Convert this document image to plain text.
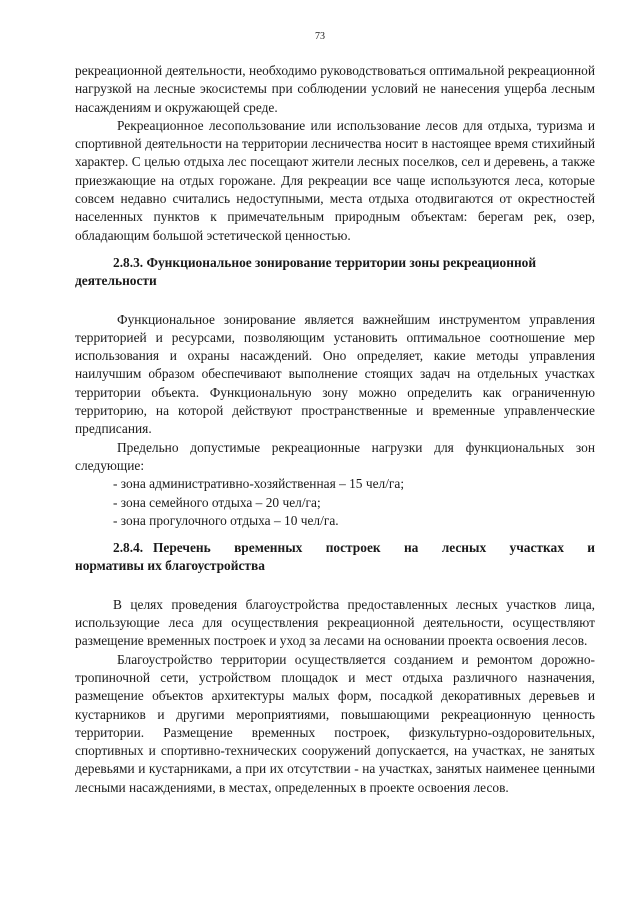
73

рекреационной деятельности, необходимо руководствоваться оптимальной рекреационной нагрузкой на лесные экосистемы при соблюдении условий не нанесения ущерба лесным насаждениям и окружающей среде.

Рекреационное лесопользование или использование лесов для отдыха, туризма и спортивной деятельности на территории лесничества носит в настоящее время стихийный характер. С целью отдыха лес посещают жители лесных поселков, сел и деревень, а также приезжающие на отдых горожане. Для рекреации все чаще используются леса, которые совсем недавно считались недоступными, места отдыха отодвигаются от окрестностей населенных пунктов к примечательным природным объектам: берегам рек, озер, обладающим большой эстетической ценностью.

2.8.3. Функциональное зонирование территории зоны рекреационной деятельности

Функциональное зонирование является важнейшим инструментом управления территорией и ресурсами, позволяющим установить оптимальное соотношение мер использования и охраны насаждений. Оно определяет, какие методы управления наилучшим образом обеспечивают выполнение стоящих задач на отдельных участках территории объекта. Функциональную зону можно определить как ограниченную территорию, на которой действуют пространственные и временные управленческие предписания.

Предельно допустимые рекреационные нагрузки для функциональных зон следующие:

- зона административно-хозяйственная – 15 чел/га;
- зона семейного отдыха – 20 чел/га;
- зона прогулочного отдыха – 10 чел/га.
2.8.4. Перечень временных построек на лесных участках и
нормативы их благоустройства

В целях проведения благоустройства предоставленных лесных участков лица, использующие леса для осуществления рекреационной деятельности, осуществляют размещение временных построек и уход за лесами на основании проекта освоения лесов.

Благоустройство территории осуществляется созданием и ремонтом дорожно-тропиночной сети, устройством площадок и мест отдыха различного назначения, размещение объектов архитектуры малых форм, посадкой декоративных деревьев и кустарников и другими мероприятиями, повышающими рекреационную ценность территории. Размещение временных построек, физкультурно-оздоровительных, спортивных и спортивно-технических сооружений допускается, на участках, не занятых деревьями и кустарниками, а при их отсутствии - на участках, занятых наименее ценными лесными насаждениями, в местах, определенных в проекте освоения лесов.
